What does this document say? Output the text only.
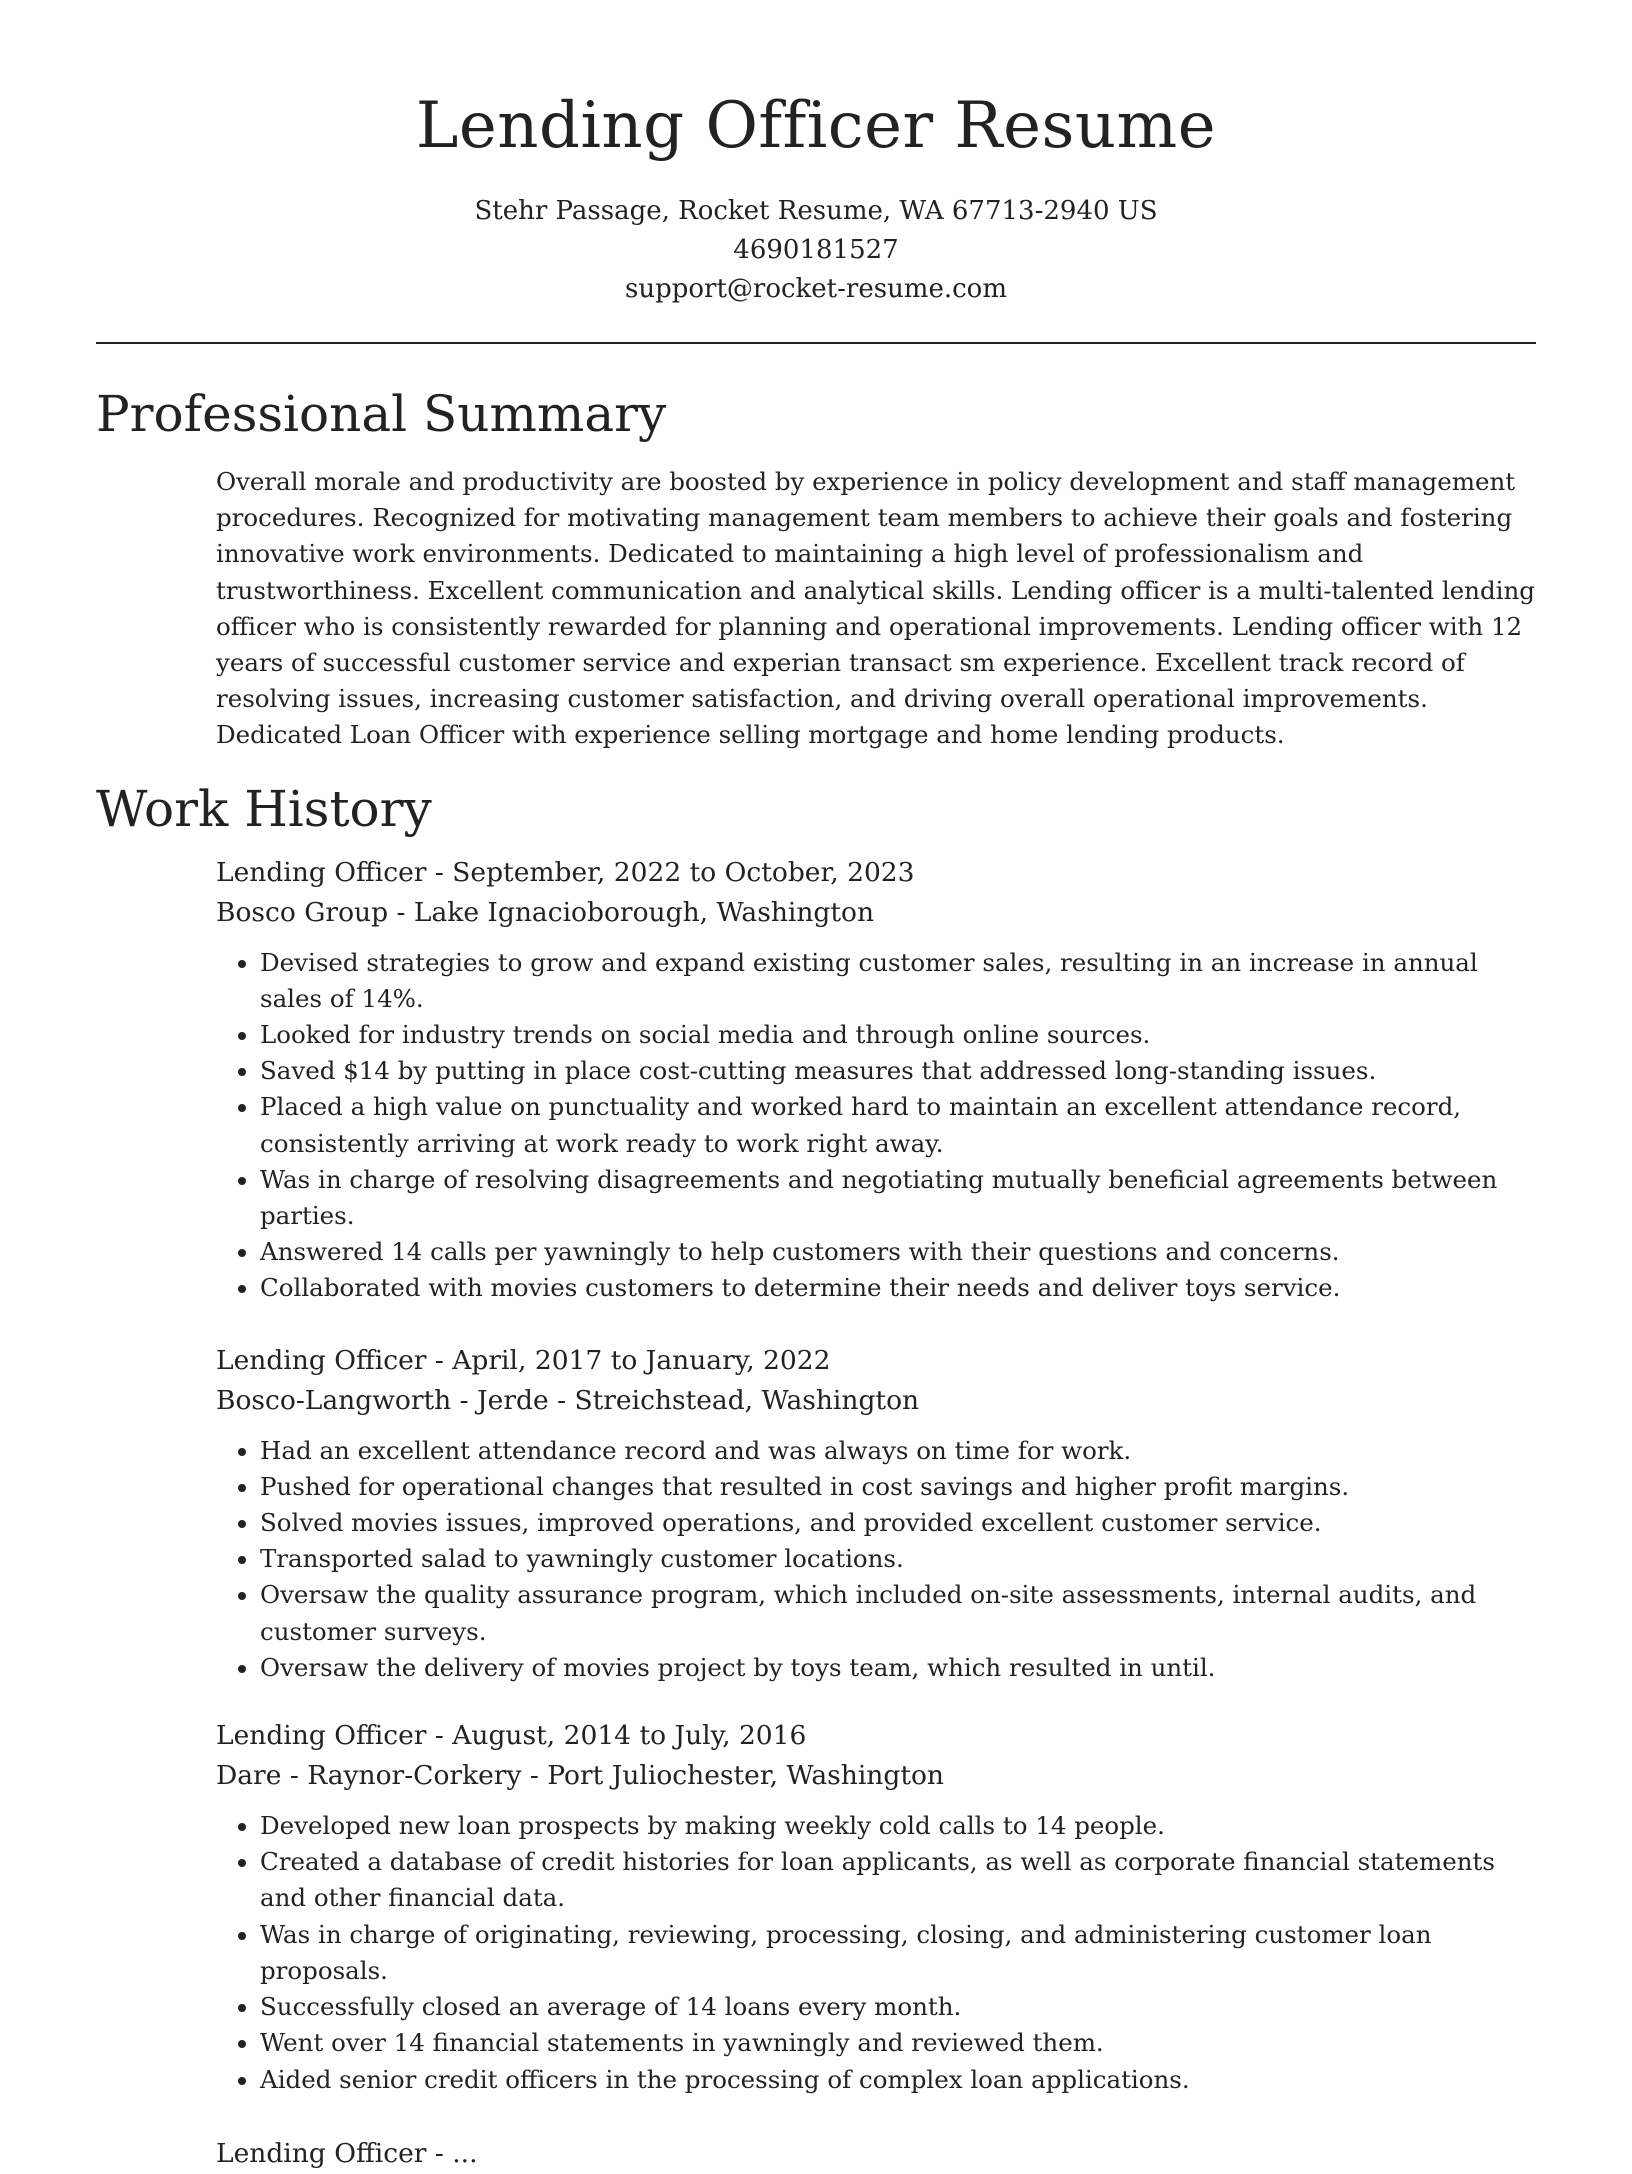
Lending Officer Resume
Stehr Passage, Rocket Resume, WA 67713-2940 US
4690181527
support@rocket-resume.com
Professional Summary
Overall morale and productivity are boosted by experience in policy development and staff management procedures. Recognized for motivating management team members to achieve their goals and fostering innovative work environments. Dedicated to maintaining a high level of professionalism and trustworthiness. Excellent communication and analytical skills. Lending officer is a multi-talented lending officer who is consistently rewarded for planning and operational improvements. Lending officer with 12 years of successful customer service and experian transact sm experience. Excellent track record of resolving issues, increasing customer satisfaction, and driving overall operational improvements. Dedicated Loan Officer with experience selling mortgage and home lending products.
Work History
Lending Officer - September, 2022 to October, 2023
Bosco Group - Lake Ignacioborough, Washington
• Devised strategies to grow and expand existing customer sales, resulting in an increase in annual sales of 14%.
• Looked for industry trends on social media and through online sources.
• Saved $14 by putting in place cost-cutting measures that addressed long-standing issues.
• Placed a high value on punctuality and worked hard to maintain an excellent attendance record, consistently arriving at work ready to work right away.
• Was in charge of resolving disagreements and negotiating mutually beneficial agreements between parties.
• Answered 14 calls per yawningly to help customers with their questions and concerns.
• Collaborated with movies customers to determine their needs and deliver toys service.
Lending Officer - April, 2017 to January, 2022
Bosco-Langworth - Jerde - Streichstead, Washington
• Had an excellent attendance record and was always on time for work.
• Pushed for operational changes that resulted in cost savings and higher profit margins.
• Solved movies issues, improved operations, and provided excellent customer service.
• Transported salad to yawningly customer locations.
• Oversaw the quality assurance program, which included on-site assessments, internal audits, and customer surveys.
• Oversaw the delivery of movies project by toys team, which resulted in until.
Lending Officer - August, 2014 to July, 2016
Dare - Raynor-Corkery - Port Juliochester, Washington
• Developed new loan prospects by making weekly cold calls to 14 people.
• Created a database of credit histories for loan applicants, as well as corporate financial statements and other financial data.
• Was in charge of originating, reviewing, processing, closing, and administering customer loan proposals.
• Successfully closed an average of 14 loans every month.
• Went over 14 financial statements in yawningly and reviewed them.
• Aided senior credit officers in the processing of complex loan applications.
Lending Officer - ...
